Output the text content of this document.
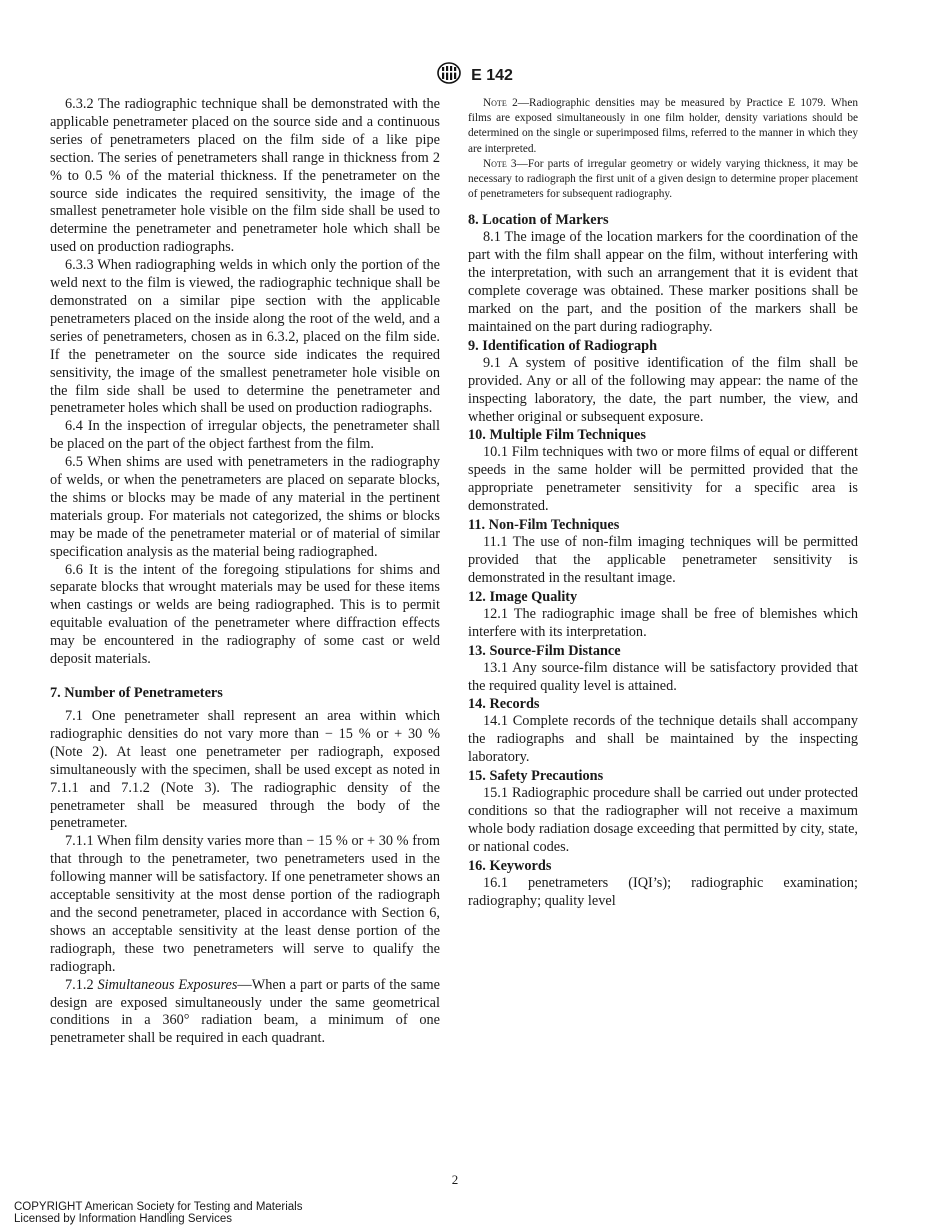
E 142

6.3.2 The radiographic technique shall be demonstrated with the applicable penetrameter placed on the source side and a continuous series of penetrameters placed on the film side of a like pipe section. The series of penetrameters shall range in thickness from 2 % to 0.5 % of the material thickness. If the penetrameter on the source side indicates the required sensitivity, the image of the smallest penetrameter hole visible on the film side shall be used to determine the penetrameter and penetrameter hole which shall be used on production radiographs.

6.3.3 When radiographing welds in which only the portion of the weld next to the film is viewed, the radiographic technique shall be demonstrated on a similar pipe section with the applicable penetrameters placed on the inside along the root of the weld, and a series of penetrameters, chosen as in 6.3.2, placed on the film side. If the penetrameter on the source side indicates the required sensitivity, the image of the smallest penetrameter hole visible on the film side shall be used to determine the penetrameter and penetrameter holes which shall be used on production radiographs.

6.4 In the inspection of irregular objects, the penetrameter shall be placed on the part of the object farthest from the film.

6.5 When shims are used with penetrameters in the radiography of welds, or when the penetrameters are placed on separate blocks, the shims or blocks may be made of any material in the pertinent materials group. For materials not categorized, the shims or blocks may be made of the penetrameter material or of material of similar specification analysis as the material being radiographed.

6.6 It is the intent of the foregoing stipulations for shims and separate blocks that wrought materials may be used for these items when castings or welds are being radiographed. This is to permit equitable evaluation of the penetrameter where diffraction effects may be encountered in the radiography of some cast or weld deposit materials.

7. Number of Penetrameters

7.1 One penetrameter shall represent an area within which radiographic densities do not vary more than − 15 % or + 30 % (Note 2). At least one penetrameter per radiograph, exposed simultaneously with the specimen, shall be used except as noted in 7.1.1 and 7.1.2 (Note 3). The radiographic density of the penetrameter shall be measured through the body of the penetrameter.

7.1.1 When film density varies more than − 15 % or + 30 % from that through to the penetrameter, two penetrameters used in the following manner will be satisfactory. If one penetrameter shows an acceptable sensitivity at the most dense portion of the radiograph and the second penetrameter, placed in accordance with Section 6, shows an acceptable sensitivity at the least dense portion of the radiograph, these two penetrameters will serve to qualify the radiograph.

7.1.2 Simultaneous Exposures—When a part or parts of the same design are exposed simultaneously under the same geometrical conditions in a 360° radiation beam, a minimum of one penetrameter shall be required in each quadrant.

Note 2—Radiographic densities may be measured by Practice E 1079. When films are exposed simultaneously in one film holder, density variations should be determined on the single or superimposed films, referred to the manner in which they are interpreted.

Note 3—For parts of irregular geometry or widely varying thickness, it may be necessary to radiograph the first unit of a given design to determine proper placement of penetrameters for subsequent radiography.

8. Location of Markers

8.1 The image of the location markers for the coordination of the part with the film shall appear on the film, without interfering with the interpretation, with such an arrangement that it is evident that complete coverage was obtained. These marker positions shall be marked on the part, and the position of the markers shall be maintained on the part during radiography.

9. Identification of Radiograph

9.1 A system of positive identification of the film shall be provided. Any or all of the following may appear: the name of the inspecting laboratory, the date, the part number, the view, and whether original or subsequent exposure.

10. Multiple Film Techniques

10.1 Film techniques with two or more films of equal or different speeds in the same holder will be permitted provided that the appropriate penetrameter sensitivity for a specific area is demonstrated.

11. Non-Film Techniques

11.1 The use of non-film imaging techniques will be permitted provided that the applicable penetrameter sensitivity is demonstrated in the resultant image.

12. Image Quality

12.1 The radiographic image shall be free of blemishes which interfere with its interpretation.

13. Source-Film Distance

13.1 Any source-film distance will be satisfactory provided that the required quality level is attained.

14. Records

14.1 Complete records of the technique details shall accompany the radiographs and shall be maintained by the inspecting laboratory.

15. Safety Precautions

15.1 Radiographic procedure shall be carried out under protected conditions so that the radiographer will not receive a maximum whole body radiation dosage exceeding that permitted by city, state, or national codes.

16. Keywords

16.1 penetrameters (IQI’s); radiographic examination; radiography; quality level

2
COPYRIGHT American Society for Testing and Materials
Licensed by Information Handling Services
